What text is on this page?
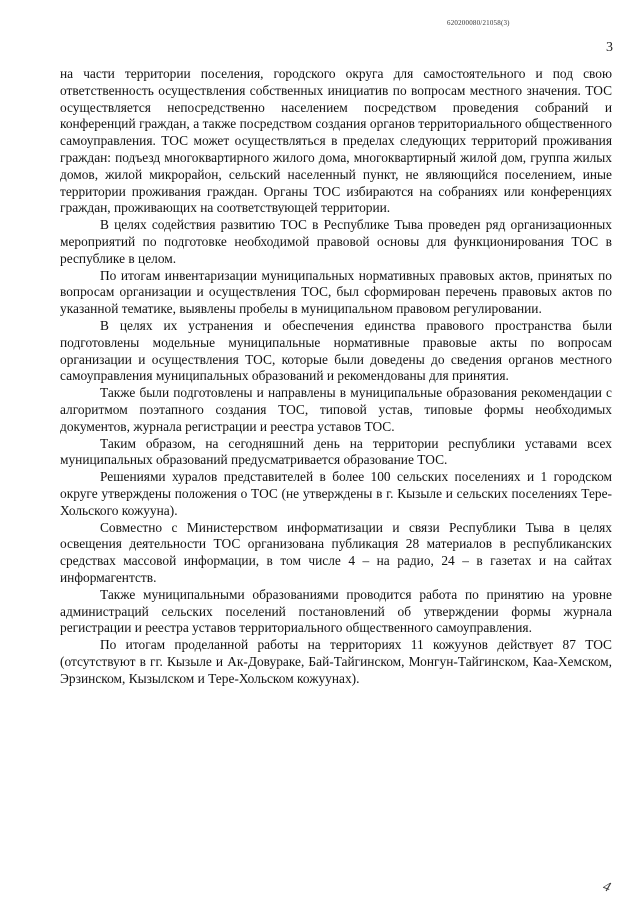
620200080/21058(3)
3

на части территории поселения, городского округа для самостоятельного и под свою ответственность осуществления собственных инициатив по вопросам местного значения. ТОС осуществляется непосредственно населением посредством проведения собраний и конференций граждан, а также посредством создания органов территориального общественного самоуправления. ТОС может осуществляться в пределах следующих территорий проживания граждан: подъезд многоквартирного жилого дома, многоквартирный жилой дом, группа жилых домов, жилой микрорайон, сельский населенный пункт, не являющийся поселением, иные территории проживания граждан. Органы ТОС избираются на собраниях или конференциях граждан, проживающих на соответствующей территории.

В целях содействия развитию ТОС в Республике Тыва проведен ряд организационных мероприятий по подготовке необходимой правовой основы для функционирования ТОС в республике в целом.

По итогам инвентаризации муниципальных нормативных правовых актов, принятых по вопросам организации и осуществления ТОС, был сформирован перечень правовых актов по указанной тематике, выявлены пробелы в муниципальном правовом регулировании.

В целях их устранения и обеспечения единства правового пространства были подготовлены модельные муниципальные нормативные правовые акты по вопросам организации и осуществления ТОС, которые были доведены до сведения органов местного самоуправления муниципальных образований и рекомендованы для принятия.

Также были подготовлены и направлены в муниципальные образования рекомендации с алгоритмом поэтапного создания ТОС, типовой устав, типовые формы необходимых документов, журнала регистрации и реестра уставов ТОС.

Таким образом, на сегодняшний день на территории республики уставами всех муниципальных образований предусматривается образование ТОС.

Решениями хуралов представителей в более 100 сельских поселениях и 1 городском округе утверждены положения о ТОС (не утверждены в г. Кызыле и сельских поселениях Тере-Хольского кожууна).

Совместно с Министерством информатизации и связи Республики Тыва в целях освещения деятельности ТОС организована публикация 28 материалов в республиканских средствах массовой информации, в том числе 4 – на радио, 24 – в газетах и на сайтах информагентств.

Также муниципальными образованиями проводится работа по принятию на уровне администраций сельских поселений постановлений об утверждении формы журнала регистрации и реестра уставов территориального общественного самоуправления.

По итогам проделанной работы на территориях 11 кожуунов действует 87 ТОС (отсутствуют в гг. Кызыле и Ак-Довураке, Бай-Тайгинском, Монгун-Тайгинском, Каа-Хемском, Эрзинском, Кызылском и Тере-Хольском кожуунах).

4
